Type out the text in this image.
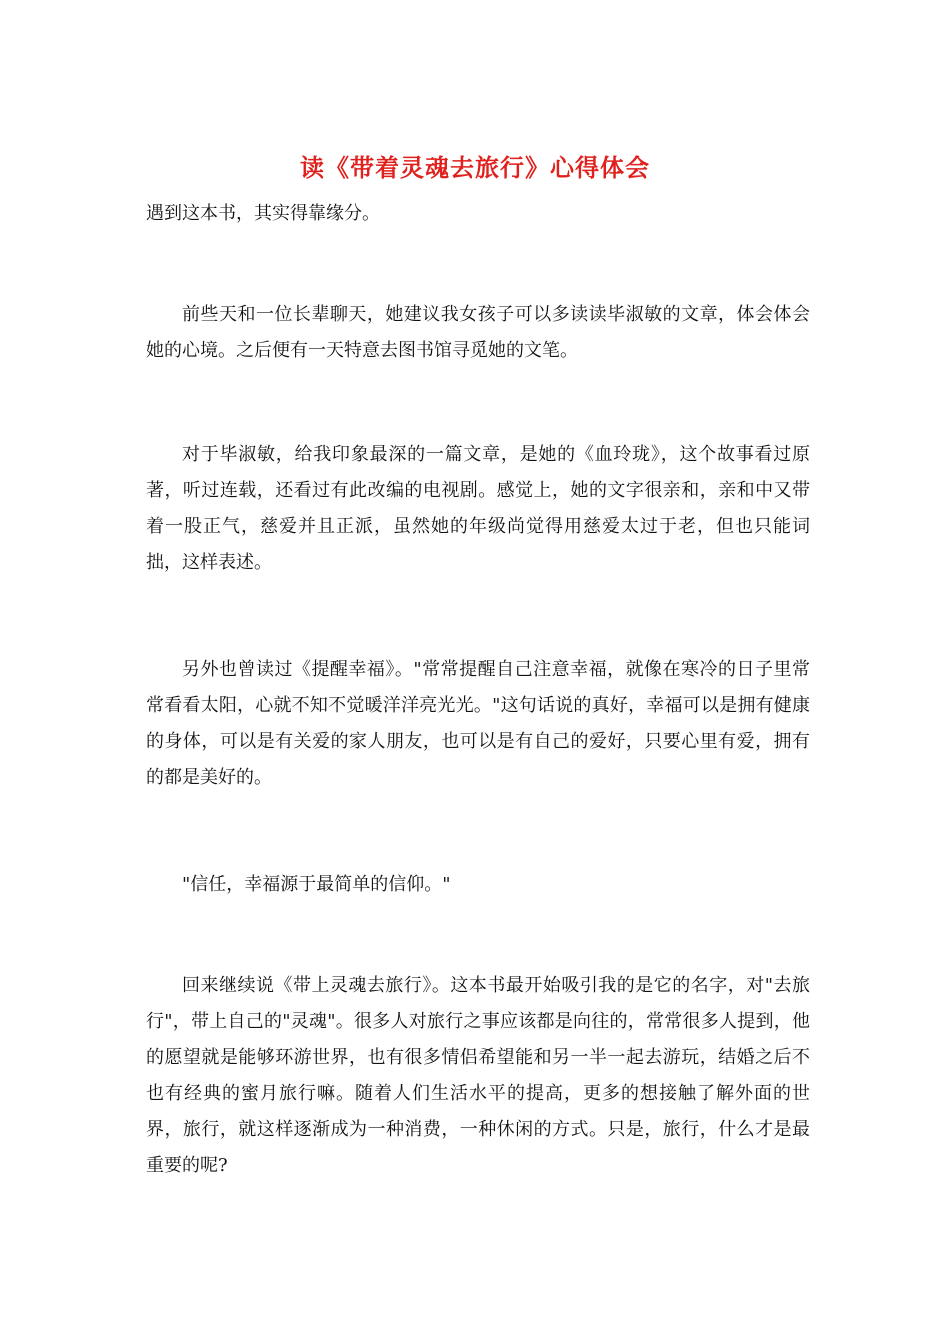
读《带着灵魂去旅行》心得体会

遇到这本书，其实得靠缘分。

前些天和一位长辈聊天，她建议我女孩子可以多读读毕淑敏的文章，体会体会她的心境。之后便有一天特意去图书馆寻觅她的文笔。

对于毕淑敏，给我印象最深的一篇文章，是她的《血玲珑》，这个故事看过原著，听过连载，还看过有此改编的电视剧。感觉上，她的文字很亲和，亲和中又带着一股正气，慈爱并且正派，虽然她的年级尚觉得用慈爱太过于老，但也只能词拙，这样表述。

另外也曾读过《提醒幸福》。"常常提醒自己注意幸福，就像在寒冷的日子里常常看看太阳，心就不知不觉暖洋洋亮光光。"这句话说的真好，幸福可以是拥有健康的身体，可以是有关爱的家人朋友，也可以是有自己的爱好，只要心里有爱，拥有的都是美好的。

"信任，幸福源于最简单的信仰。"

回来继续说《带上灵魂去旅行》。这本书最开始吸引我的是它的名字，对"去旅行"，带上自己的"灵魂"。很多人对旅行之事应该都是向往的，常常很多人提到，他的愿望就是能够环游世界，也有很多情侣希望能和另一半一起去游玩，结婚之后不也有经典的蜜月旅行嘛。随着人们生活水平的提高，更多的想接触了解外面的世界，旅行，就这样逐渐成为一种消费，一种休闲的方式。只是，旅行，什么才是最重要的呢?
